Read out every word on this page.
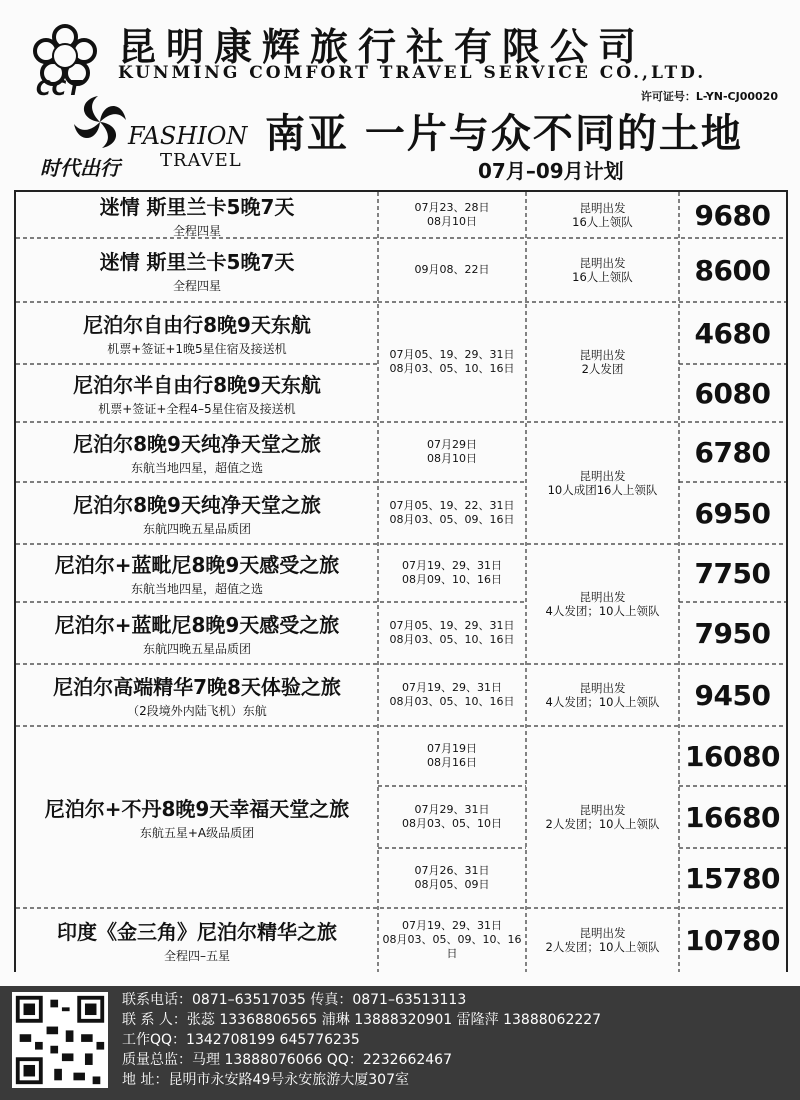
CCT
昆明康辉旅行社有限公司
KUNMING COMFORT TRAVEL SERVICE CO.,LTD.
许可证号：L-YN-CJ00020
FASHION
TRAVEL
时代出行
南亚 一片与众不同的土地
07月–09月计划
迷情 斯里兰卡5晚7天
全程四星
迷情 斯里兰卡5晚7天
全程四星
尼泊尔自由行8晚9天东航
机票+签证+1晚5星住宿及接送机
尼泊尔半自由行8晚9天东航
机票+签证+全程4–5星住宿及接送机
尼泊尔8晚9天纯净天堂之旅
东航当地四星，超值之选
尼泊尔8晚9天纯净天堂之旅
东航四晚五星品质团
尼泊尔+蓝毗尼8晚9天感受之旅
东航当地四星，超值之选
尼泊尔+蓝毗尼8晚9天感受之旅
东航四晚五星品质团
尼泊尔高端精华7晚8天体验之旅
（2段境外内陆飞机）东航
尼泊尔+不丹8晚9天幸福天堂之旅
东航五星+A级品质团
印度《金三角》尼泊尔精华之旅
全程四–五星
07月23、28日
08月10日
09月08、22日
07月05、19、29、31日
08月03、05、10、16日
07月29日
08月10日
07月05、19、22、31日
08月03、05、09、16日
07月19、29、31日
08月09、10、16日
07月05、19、29、31日
08月03、05、10、16日
07月19、29、31日
08月03、05、10、16日
07月19日
08月16日
07月29、31日
08月03、05、10日
07月26、31日
08月05、09日
07月19、29、31日
08月03、05、09、10、16日
昆明出发
16人上领队
昆明出发
16人上领队
昆明出发
2人发团
昆明出发
10人成团16人上领队
昆明出发
4人发团；10人上领队
昆明出发
4人发团；10人上领队
昆明出发
2人发团；10人上领队
昆明出发
2人发团；10人上领队
9680
8600
4680
6080
6780
6950
7750
7950
9450
16080
16680
15780
10780
联系电话：0871–63517035 传真：0871–63513113
联 系 人：张蕊 13368806565 浦琳 13888320901 雷隆萍 13888062227
工作QQ：1342708199 645776235
质量总监：马理 13888076066 QQ：2232662467
地 址：昆明市永安路49号永安旅游大厦307室
